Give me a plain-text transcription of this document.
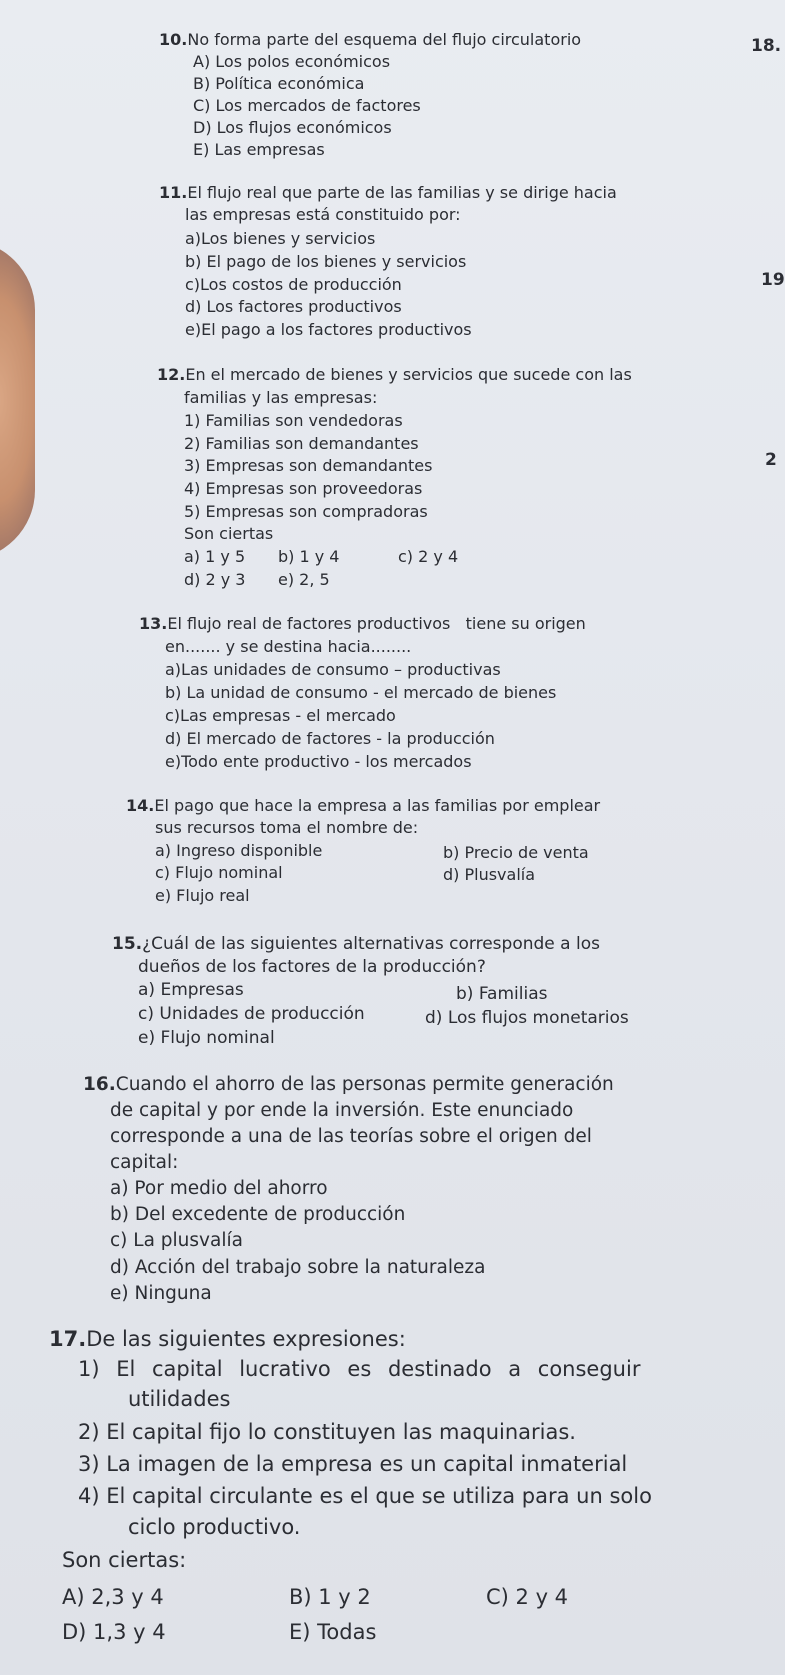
18.
19
2
10.No forma parte del esquema del flujo circulatorio
A) Los polos económicos
B) Política económica
C) Los mercados de factores
D) Los flujos económicos
E) Las empresas
11.El flujo real que parte de las familias y se dirige hacia
las empresas está constituido por:
a)Los bienes y servicios
b) El pago de los bienes y servicios
c)Los costos de producción
d) Los factores productivos
e)El pago a los factores productivos
12.En el mercado de bienes y servicios que sucede con las
familias y las empresas:
1) Familias son vendedoras
2) Familias son demandantes
3) Empresas son demandantes
4) Empresas son proveedoras
5) Empresas son compradoras
Son ciertas
a) 1 y 5 b) 1 y 4	c) 2 y 4
d) 2 y 3 e) 2, 5
13.El flujo real de factores productivos   tiene su origen
en....... y se destina hacia........
a)Las unidades de consumo – productivas
b) La unidad de consumo - el mercado de bienes
c)Las empresas - el mercado
d) El mercado de factores - la producción
e)Todo ente productivo - los mercados
14.El pago que hace la empresa a las familias por emplear
sus recursos toma el nombre de:
a) Ingreso disponible	b) Precio de venta
c) Flujo nominal	d) Plusvalía
e) Flujo real
15.¿Cuál de las siguientes alternativas corresponde a los
dueños de los factores de la producción?
a) Empresas	b) Familias
c) Unidades de producción	d) Los flujos monetarios
e) Flujo nominal
16.Cuando el ahorro de las personas permite generación
de capital y por ende la inversión. Este enunciado
corresponde a una de las teorías sobre el origen del
capital:
a) Por medio del ahorro
b) Del excedente de producción
c) La plusvalía
d) Acción del trabajo sobre la naturaleza
e) Ninguna
17.De las siguientes expresiones:
1) El capital lucrativo es destinado a conseguir
utilidades
2) El capital fijo lo constituyen las maquinarias.
3) La imagen de la empresa es un capital inmaterial
4) El capital circulante es el que se utiliza para un solo
ciclo productivo.
Son ciertas:
A) 2,3 y 4	B) 1 y 2	C) 2 y 4
D) 1,3 y 4	E) Todas
